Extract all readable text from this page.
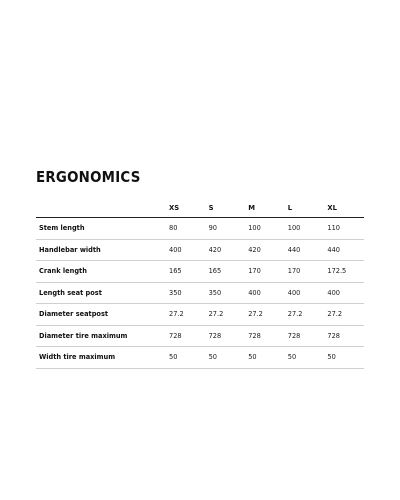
ERGONOMICS
	XS	S	M	L	XL
Stem length	80	90	100	100	110
Handlebar width	400	420	420	440	440
Crank length	165	165	170	170	172.5
Length seat post	350	350	400	400	400
Diameter seatpost	27.2	27.2	27.2	27.2	27.2
Diameter tire maximum	728	728	728	728	728
Width tire maximum	50	50	50	50	50
